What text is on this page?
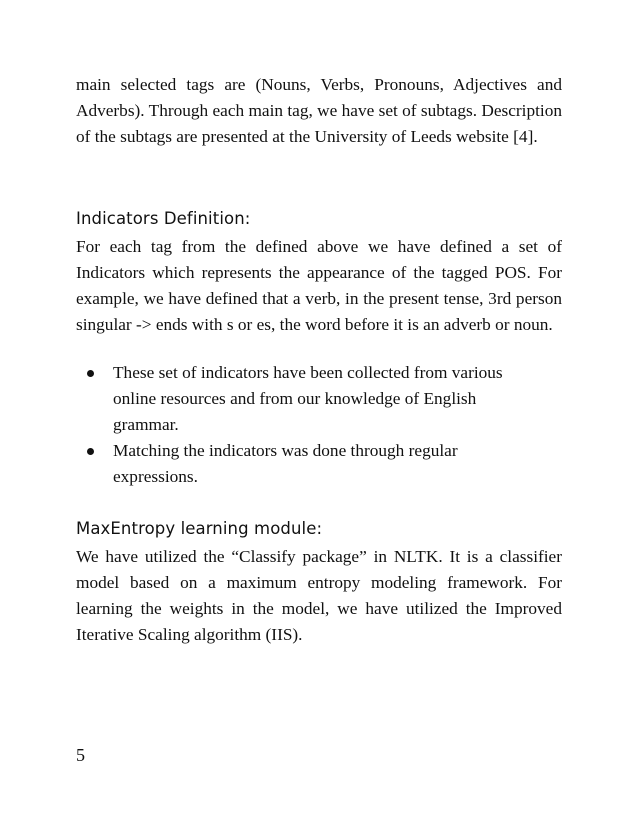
main selected tags are (Nouns, Verbs, Pronouns, Adjectives and Adverbs). Through each main tag, we have set of subtags. Description of the subtags are presented at the University of Leeds website [4].

Indicators Definition:

For each tag from the defined above we have defined a set of Indicators which represents the appearance of the tagged POS. For example, we have defined that a verb, in the present tense, 3rd person singular -> ends with s or es, the word before it is an adverb or noun.

These set of indicators have been collected from various online resources and from our knowledge of English grammar.
Matching the indicators was done through regular expressions.
MaxEntropy learning module:

We have utilized the “Classify package” in NLTK. It is a classifier model based on a maximum entropy modeling framework. For learning the weights in the model, we have utilized the Improved Iterative Scaling algorithm (IIS).

5
